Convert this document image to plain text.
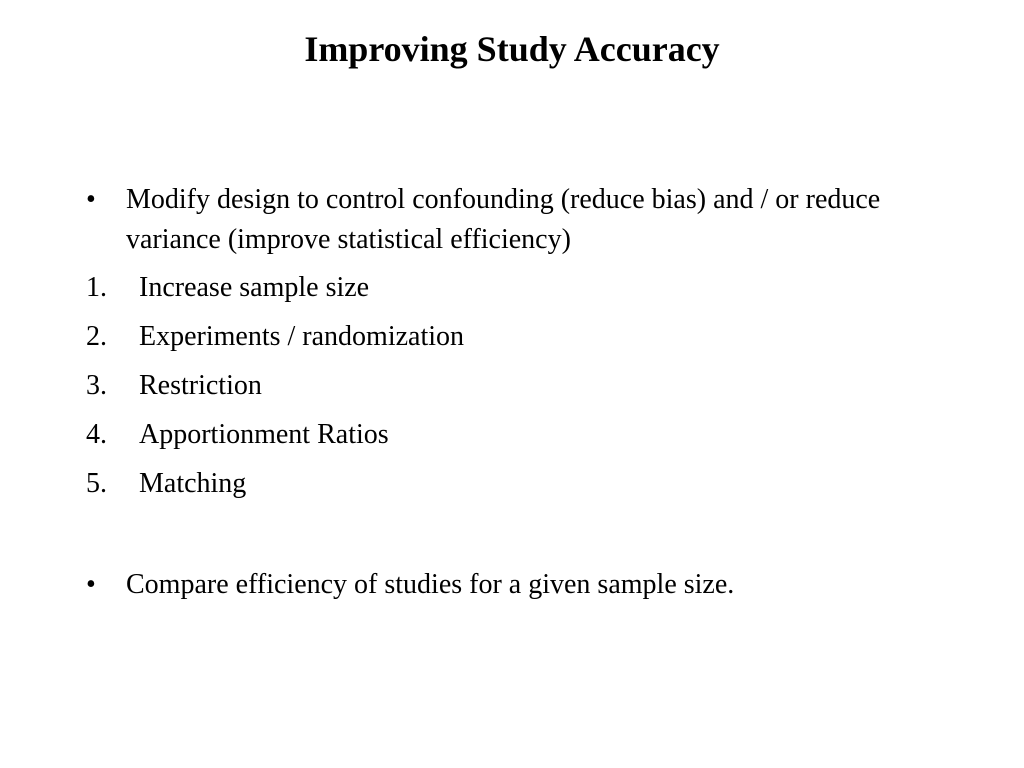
Improving Study Accuracy
•	Modify design to control confounding (reduce bias) and / or reduce variance (improve statistical efficiency)
1.	Increase sample size
2.	Experiments / randomization
3.	Restriction
4.	Apportionment Ratios
5.	Matching
•	Compare efficiency of studies for a given sample size.
